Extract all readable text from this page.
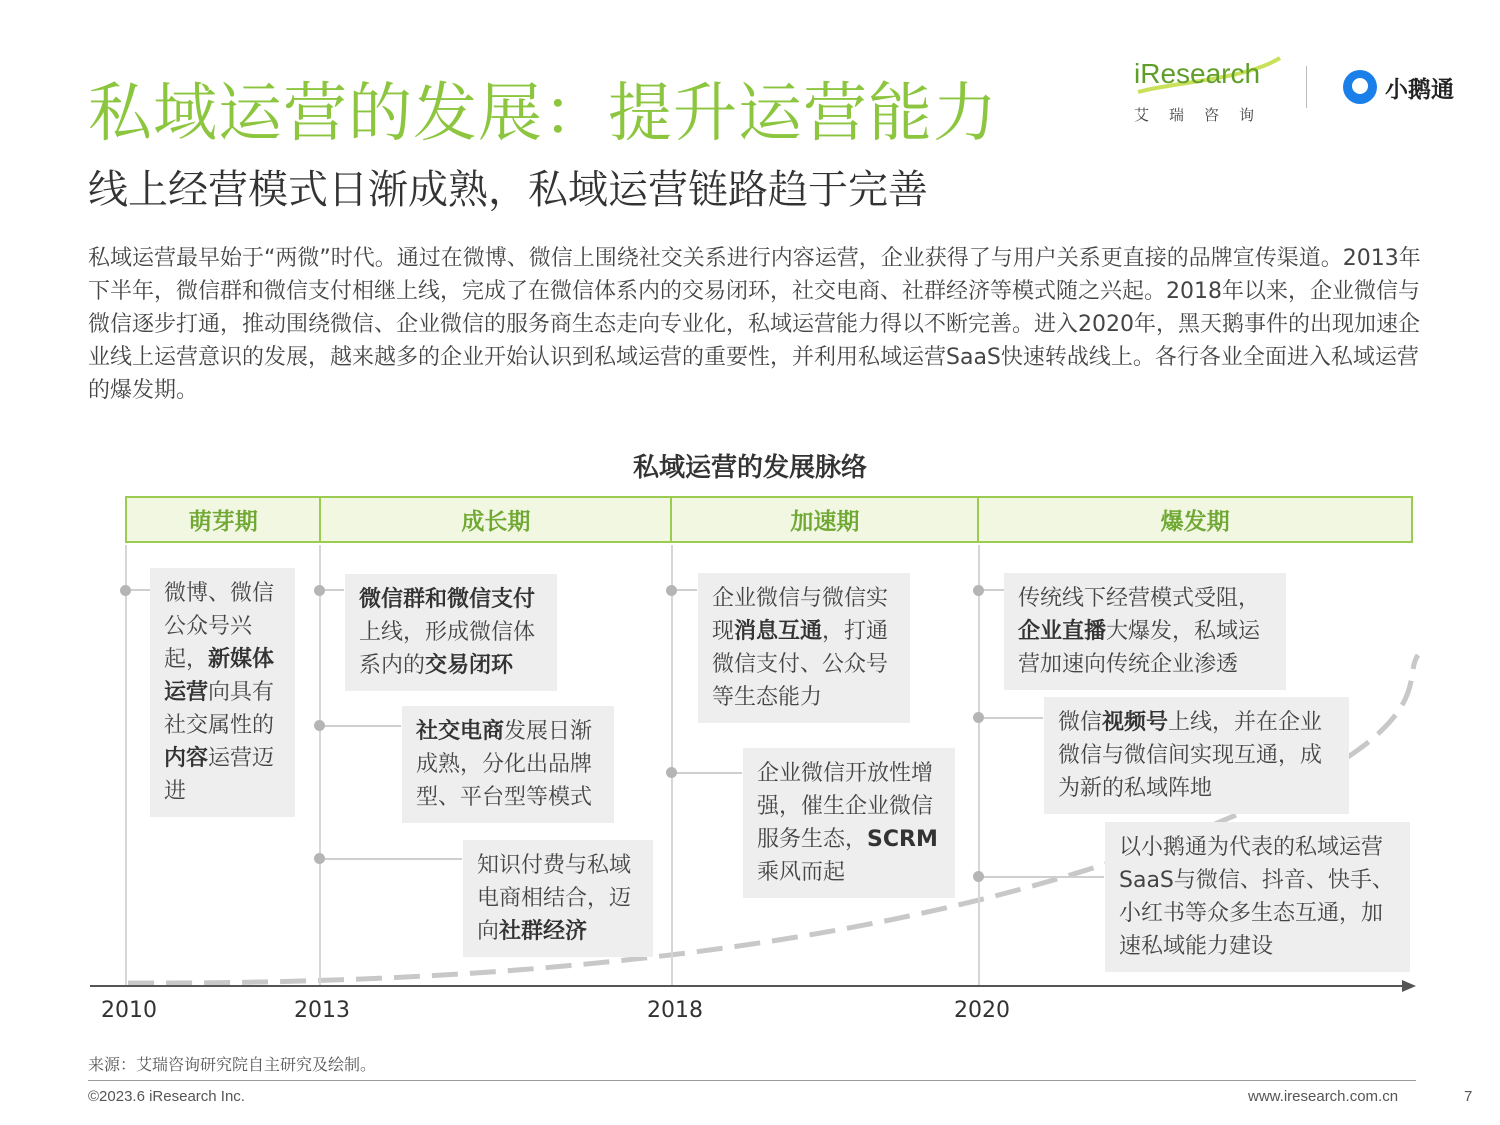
私域运营的发展：提升运营能力
线上经营模式日渐成熟，私域运营链路趋于完善
iResearch
艾瑞咨询
小鹅通

私域运营最早始于“两微”时代。通过在微博、微信上围绕社交关系进行内容运营，企业获得了与用户关系更直接的品牌宣传渠道。2013年下半年，微信群和微信支付相继上线，完成了在微信体系内的交易闭环，社交电商、社群经济等模式随之兴起。2018年以来，企业微信与微信逐步打通，推动围绕微信、企业微信的服务商生态走向专业化，私域运营能力得以不断完善。进入2020年，黑天鹅事件的出现加速企业线上运营意识的发展，越来越多的企业开始认识到私域运营的重要性，并利用私域运营SaaS快速转战线上。各行各业全面进入私域运营的爆发期。

私域运营的发展脉络
萌芽期	成长期	加速期	爆发期
微博、微信公众号兴起，新媒体运营向具有社交属性的内容运营迈进
微信群和微信支付上线，形成微信体系内的交易闭环
社交电商发展日渐成熟，分化出品牌型、平台型等模式
知识付费与私域电商相结合，迈向社群经济
企业微信与微信实现消息互通，打通微信支付、公众号等生态能力
企业微信开放性增强，催生企业微信服务生态，SCRM乘风而起
传统线下经营模式受阻，企业直播大爆发，私域运营加速向传统企业渗透
微信视频号上线，并在企业微信与微信间实现互通，成为新的私域阵地
以小鹅通为代表的私域运营SaaS与微信、抖音、快手、小红书等众多生态互通，加速私域能力建设
2010	2013	2018	2020
来源：艾瑞咨询研究院自主研究及绘制。
©2023.6 iResearch Inc.	www.iresearch.com.cn	7
